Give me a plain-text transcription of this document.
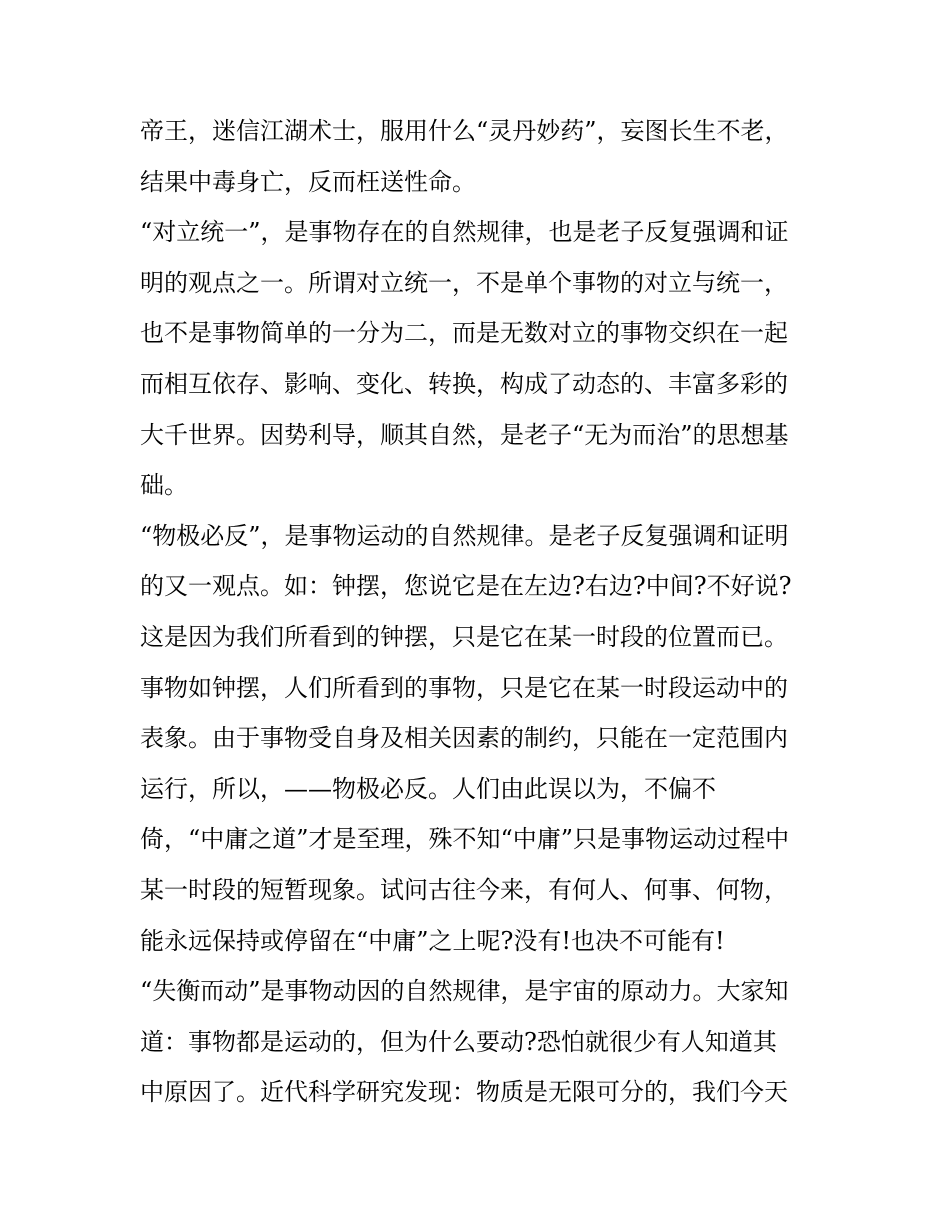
帝王，迷信江湖术士，服用什么“灵丹妙药”，妄图长生不老，
结果中毒身亡，反而枉送性命。
“对立统一”，是事物存在的自然规律，也是老子反复强调和证
明的观点之一。所谓对立统一，不是单个事物的对立与统一，
也不是事物简单的一分为二，而是无数对立的事物交织在一起
而相互依存、影响、变化、转换，构成了动态的、丰富多彩的
大千世界。因势利导，顺其自然，是老子“无为而治”的思想基
础。
“物极必反”，是事物运动的自然规律。是老子反复强调和证明
的又一观点。如：钟摆，您说它是在左边?右边?中间?不好说?
这是因为我们所看到的钟摆，只是它在某一时段的位置而已。
事物如钟摆，人们所看到的事物，只是它在某一时段运动中的
表象。由于事物受自身及相关因素的制约，只能在一定范围内
运行，所以，——物极必反。人们由此误以为，不偏不
倚，“中庸之道”才是至理，殊不知“中庸”只是事物运动过程中
某一时段的短暂现象。试问古往今来，有何人、何事、何物，
能永远保持或停留在“中庸”之上呢?没有!也决不可能有!
“失衡而动”是事物动因的自然规律，是宇宙的原动力。大家知
道：事物都是运动的，但为什么要动?恐怕就很少有人知道其
中原因了。近代科学研究发现：物质是无限可分的，我们今天
